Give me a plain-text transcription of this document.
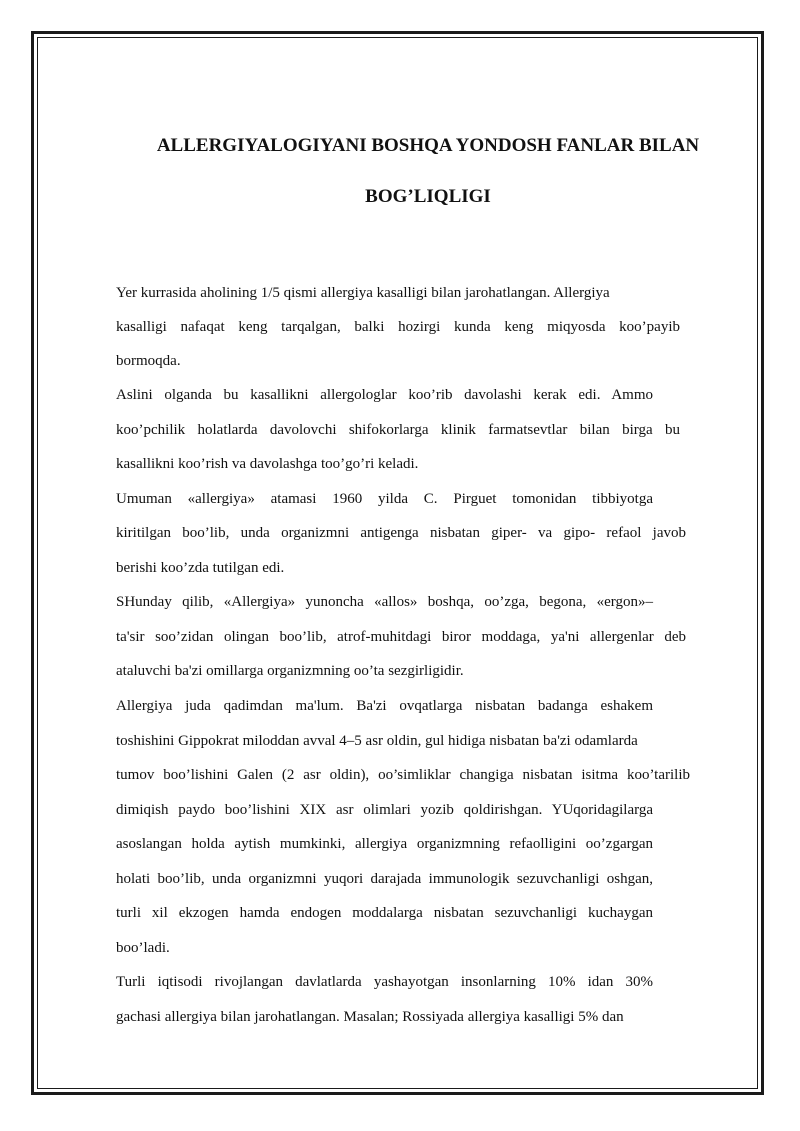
ALLERGIYALOGIYANI BOSHQA YONDOSH FANLAR BILAN
BOG’LIQLIGI

Yer kurrasida aholining 1/5 qismi allergiya kasalligi bilan jarohatlangan. Allergiya

kasalligi nafaqat keng tarqalgan, balki hozirgi kunda keng miqyosda koo’payib

bormoqda.

Aslini olganda bu kasallikni allergologlar koo’rib davolashi kerak edi. Ammo

koo’pchilik holatlarda davolovchi shifokorlarga klinik farmatsevtlar bilan birga bu

kasallikni koo’rish va davolashga too’go’ri keladi.

Umuman «allergiya» atamasi 1960 yilda C. Pirguet tomonidan tibbiyotga

kiritilgan boo’lib, unda organizmni antigenga nisbatan giper- va gipo- refaol javob

berishi koo’zda tutilgan edi.

SHunday qilib, «Allergiya» yunoncha «allos» boshqa, oo’zga, begona, «ergon»–

ta'sir soo’zidan olingan boo’lib, atrof-muhitdagi biror moddaga, ya'ni allergenlar deb

ataluvchi ba'zi omillarga organizmning oo’ta sezgirligidir.

Allergiya juda qadimdan ma'lum. Ba'zi ovqatlarga nisbatan badanga eshakem

toshishini Gippokrat miloddan avval 4–5 asr oldin, gul hidiga nisbatan ba'zi odamlarda

tumov boo’lishini Galen (2 asr oldin), oo’simliklar changiga nisbatan isitma koo’tarilib

dimiqish paydo boo’lishini XIX asr olimlari yozib qoldirishgan. YUqoridagilarga

asoslangan holda aytish mumkinki, allergiya organizmning refaolligini oo’zgargan

holati boo’lib, unda organizmni yuqori darajada immunologik sezuvchanligi oshgan,

turli xil ekzogen hamda endogen moddalarga nisbatan sezuvchanligi kuchaygan

boo’ladi.

Turli iqtisodi rivojlangan davlatlarda yashayotgan insonlarning 10% idan 30%

gachasi allergiya bilan jarohatlangan. Masalan; Rossiyada allergiya kasalligi 5% dan
